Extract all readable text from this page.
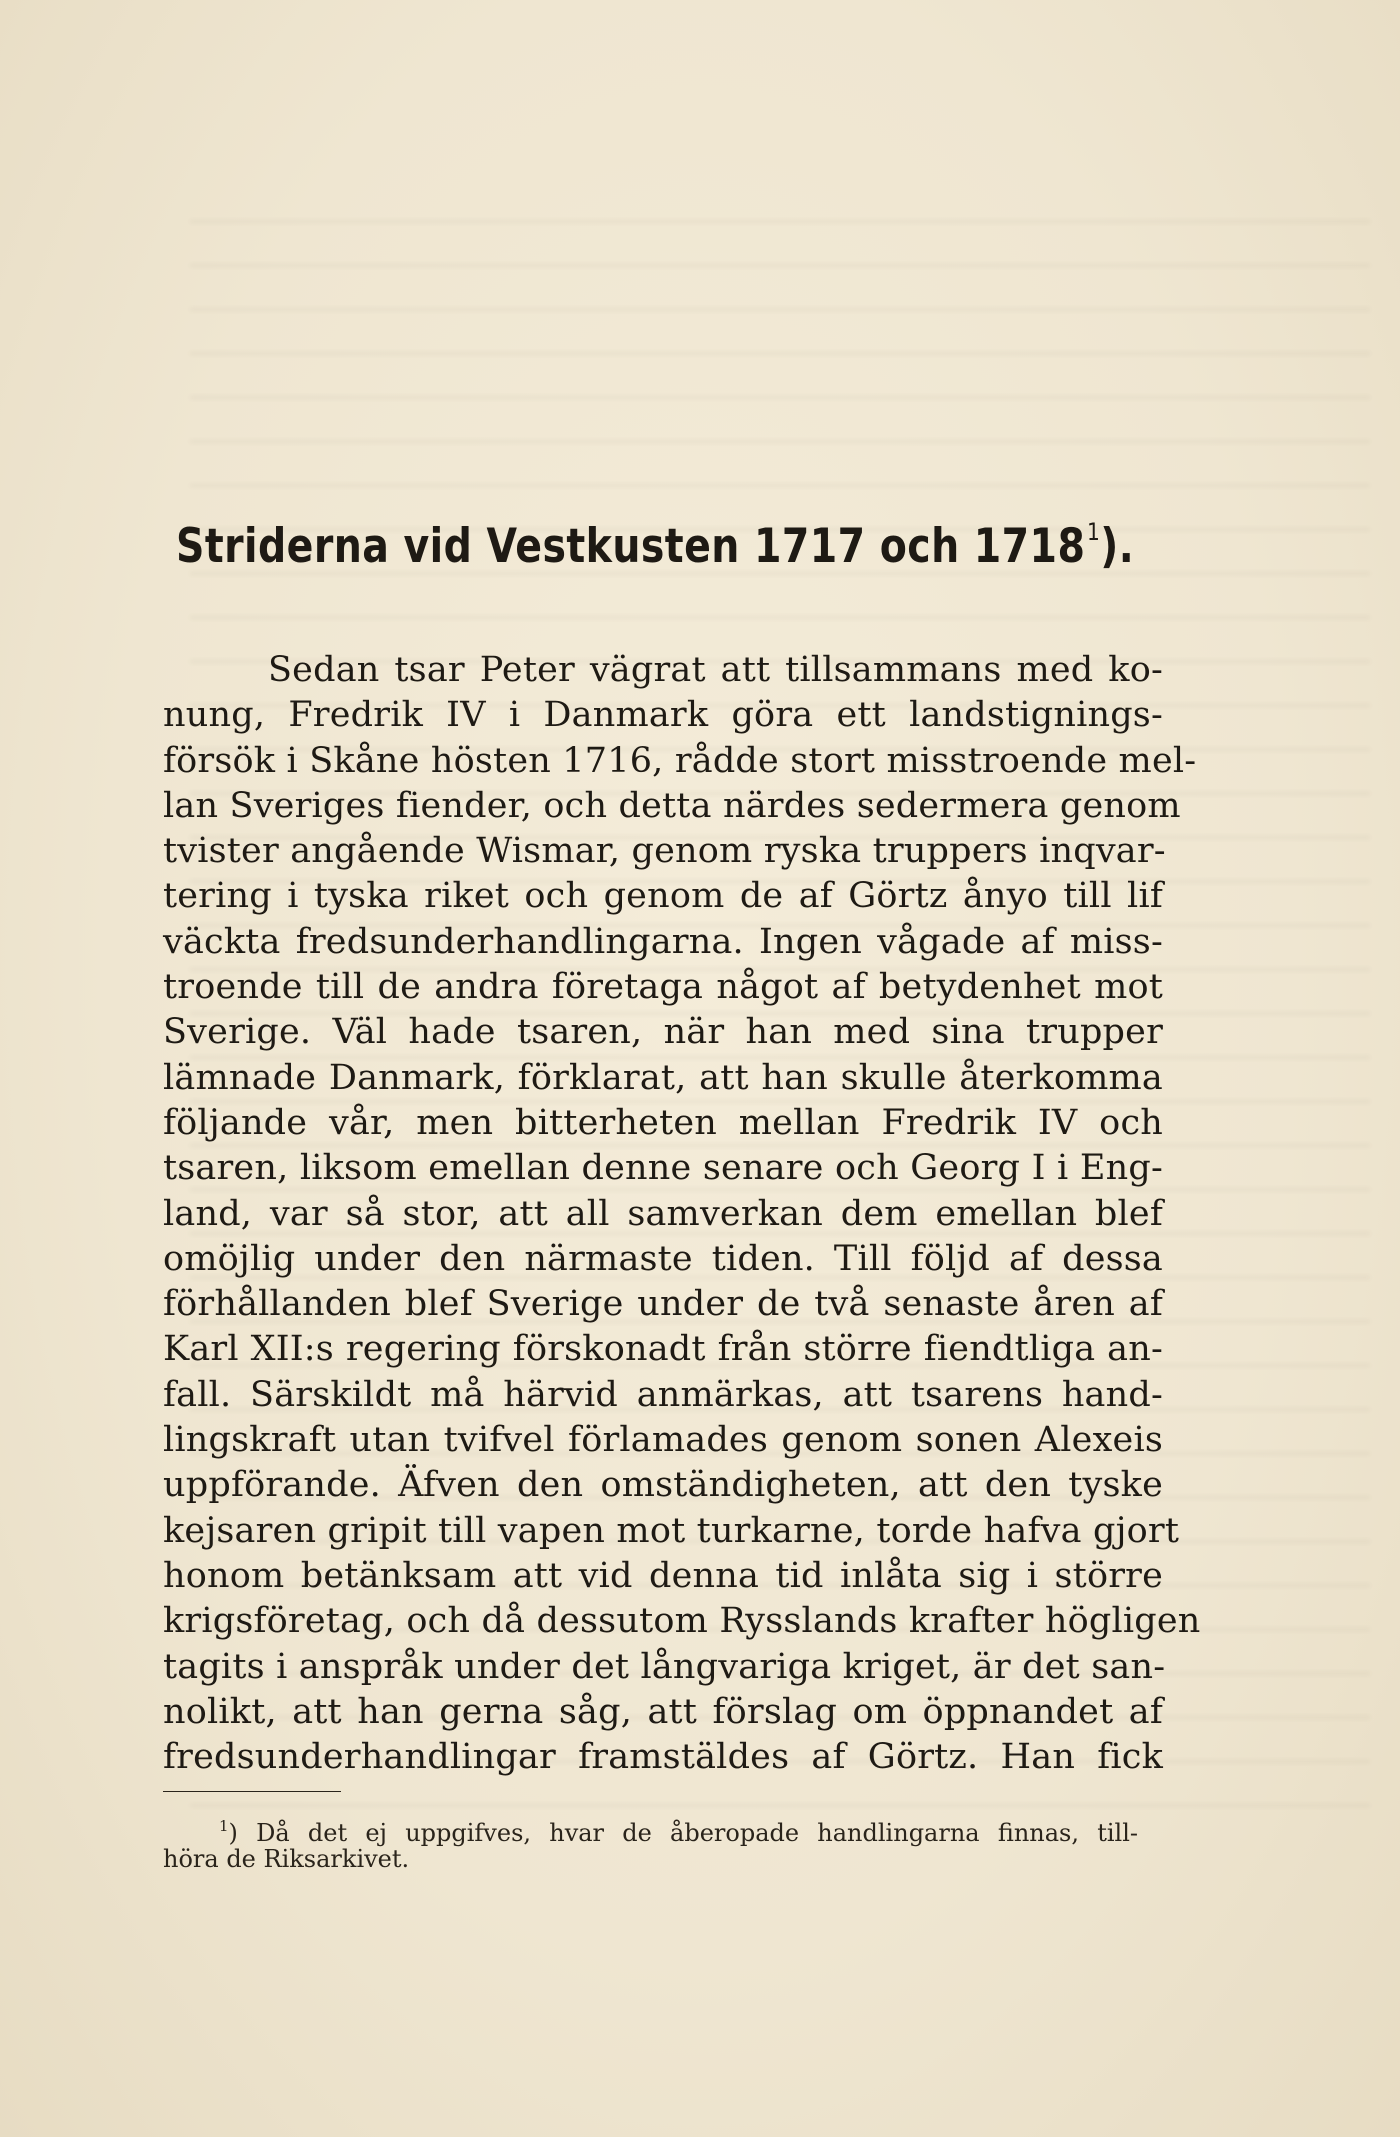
Striderna vid Vestkusten 1717 och 1718$^1$).
Sedan tsar Peter vägrat att tillsammans med ko-
nung, Fredrik IV i Danmark göra ett landstignings-
försök i Skåne hösten 1716, rådde stort misstroende mel-
lan Sveriges fiender, och detta närdes sedermera genom
tvister angående Wismar, genom ryska truppers inqvar-
tering i tyska riket och genom de af Görtz ånyo till lif
väckta fredsunderhandlingarna. Ingen vågade af miss-
troende till de andra företaga något af betydenhet mot
Sverige. Väl hade tsaren, när han med sina trupper
lämnade Danmark, förklarat, att han skulle återkomma
följande vår, men bitterheten mellan Fredrik IV och
tsaren, liksom emellan denne senare och Georg I i Eng-
land, var så stor, att all samverkan dem emellan blef
omöjlig under den närmaste tiden. Till följd af dessa
förhållanden blef Sverige under de två senaste åren af
Karl XII:s regering förskonadt från större fiendtliga an-
fall. Särskildt må härvid anmärkas, att tsarens hand-
lingskraft utan tvifvel förlamades genom sonen Alexeis
uppförande. Äfven den omständigheten, att den tyske
kejsaren gripit till vapen mot turkarne, torde hafva gjort
honom betänksam att vid denna tid inlåta sig i större
krigsföretag, och då dessutom Rysslands krafter högligen
tagits i anspråk under det långvariga kriget, är det san-
nolikt, att han gerna såg, att förslag om öppnandet af
fredsunderhandlingar framstäldes af Görtz. Han fick
$^1$) Då det ej uppgifves, hvar de åberopade handlingarna finnas, till-
höra de Riksarkivet.
